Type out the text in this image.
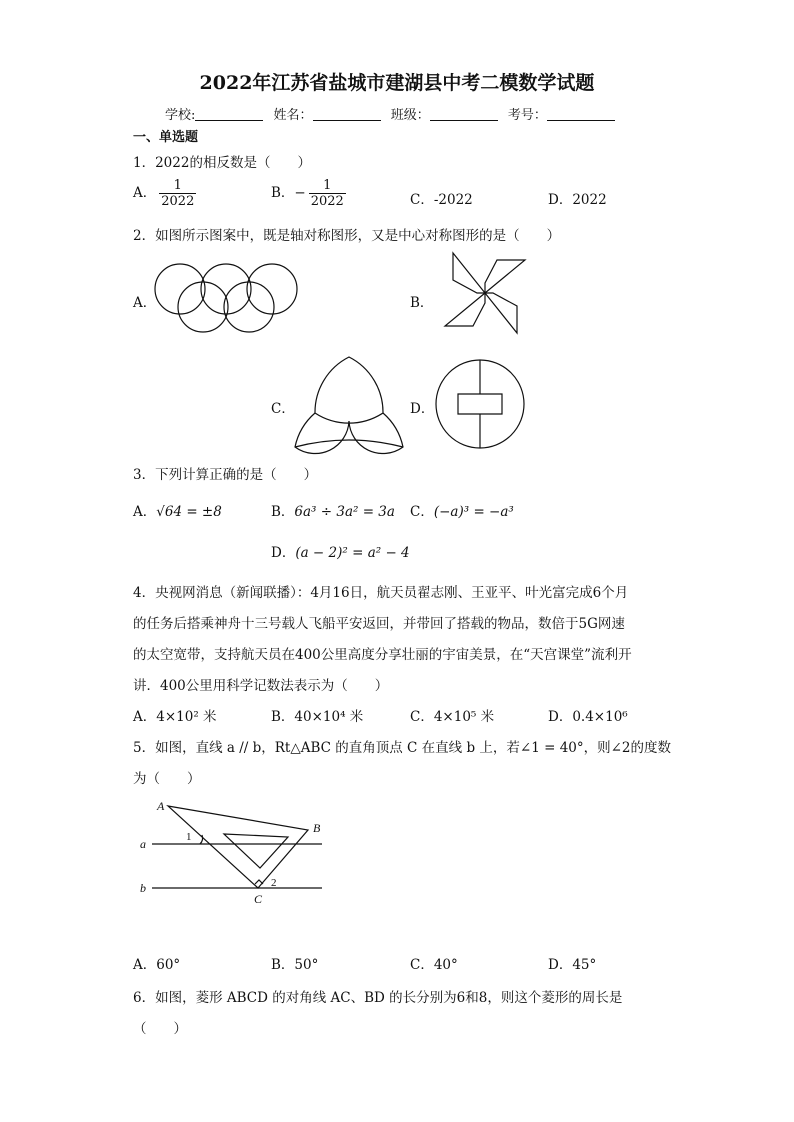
2022年江苏省盐城市建湖县中考二模数学试题
学校:	姓名：	班级：	考号：
一、单选题
1．2022的相反数是（　　）
A． $\frac{1}{2022}$	B．− $\frac{1}{2022}$	C．-2022	D．2022
2．如图所示图案中，既是轴对称图形，又是中心对称图形的是（　　）
A．	B．
C．	D．
3．下列计算正确的是（　　）
A．√64 = ±8	B．6a³ ÷ 3a² = 3a C．(−a)³ = −a³
D．(a − 2)² = a² − 4
4．央视网消息（新闻联播）：4月16日，航天员翟志刚、王亚平、叶光富完成6个月
的任务后搭乘神舟十三号载人飞船平安返回，并带回了搭载的物品，数倍于5G网速
的太空宽带，支持航天员在400公里高度分享壮丽的宇宙美景，在“天宫课堂”流利开
讲．400公里用科学记数法表示为（　　）
A．4×10² 米	B．40×10⁴ 米	C．4×10⁵ 米	D．0.4×10⁶
5．如图，直线 a // b，Rt△ABC 的直角顶点 C 在直线 b 上，若∠1 = 40°，则∠2的度数
为（　　）
A
B
C
a
b
1
2
A．60°	B．50°	C．40°	D．45°
6．如图，菱形 ABCD 的对角线 AC、BD 的长分别为6和8，则这个菱形的周长是
（　　）
